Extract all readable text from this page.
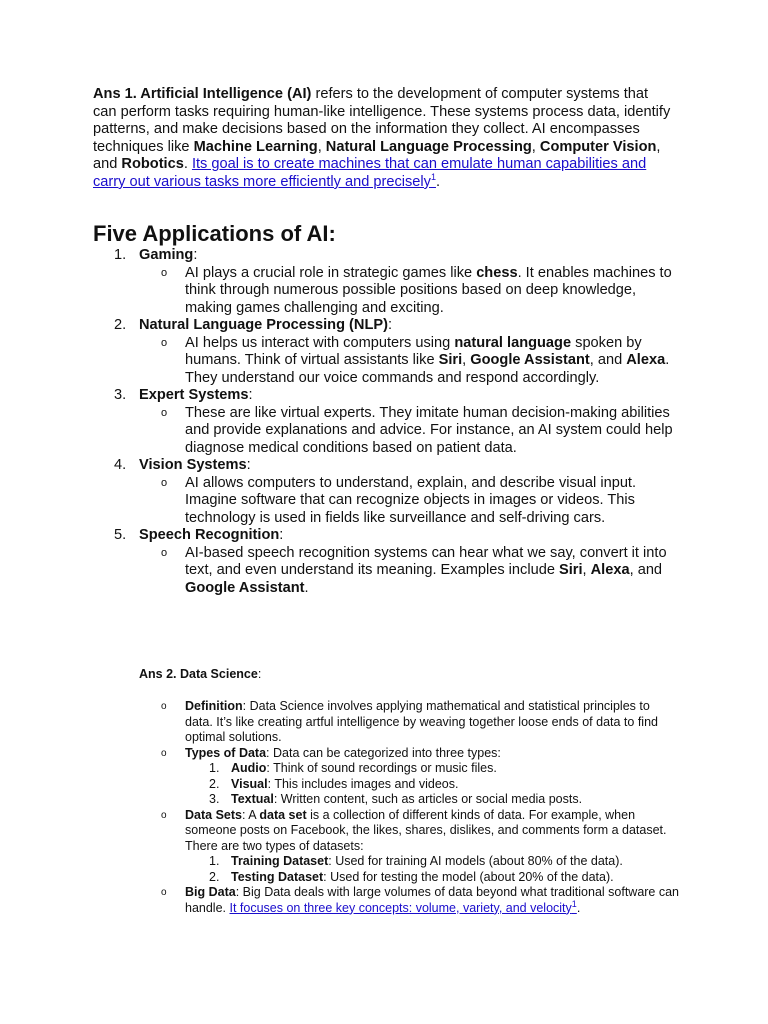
Ans 1. Artificial Intelligence (AI) refers to the development of computer systems that can perform tasks requiring human-like intelligence. These systems process data, identify patterns, and make decisions based on the information they collect. AI encompasses techniques like Machine Learning, Natural Language Processing, Computer Vision, and Robotics. Its goal is to create machines that can emulate human capabilities and carry out various tasks more efficiently and precisely$^1$.

Five Applications of AI:
1. Gaming:
o AI plays a crucial role in strategic games like chess. It enables machines to think through numerous possible positions based on deep knowledge, making games challenging and exciting.
2. Natural Language Processing (NLP):
o AI helps us interact with computers using natural language spoken by humans. Think of virtual assistants like Siri, Google Assistant, and Alexa. They understand our voice commands and respond accordingly.
3. Expert Systems:
o These are like virtual experts. They imitate human decision-making abilities and provide explanations and advice. For instance, an AI system could help diagnose medical conditions based on patient data.
4. Vision Systems:
o AI allows computers to understand, explain, and describe visual input. Imagine software that can recognize objects in images or videos. This technology is used in fields like surveillance and self-driving cars.
5. Speech Recognition:
o AI-based speech recognition systems can hear what we say, convert it into text, and even understand its meaning. Examples include Siri, Alexa, and Google Assistant.

Ans 2. Data Science:

o Definition: Data Science involves applying mathematical and statistical principles to data. It’s like creating artful intelligence by weaving together loose ends of data to find optimal solutions.
o Types of Data: Data can be categorized into three types:
1. Audio: Think of sound recordings or music files.
2. Visual: This includes images and videos.
3. Textual: Written content, such as articles or social media posts.
o Data Sets: A data set is a collection of different kinds of data. For example, when someone posts on Facebook, the likes, shares, dislikes, and comments form a dataset. There are two types of datasets:
1. Training Dataset: Used for training AI models (about 80% of the data).
2. Testing Dataset: Used for testing the model (about 20% of the data).
o Big Data: Big Data deals with large volumes of data beyond what traditional software can handle. It focuses on three key concepts: volume, variety, and velocity$^1$.
